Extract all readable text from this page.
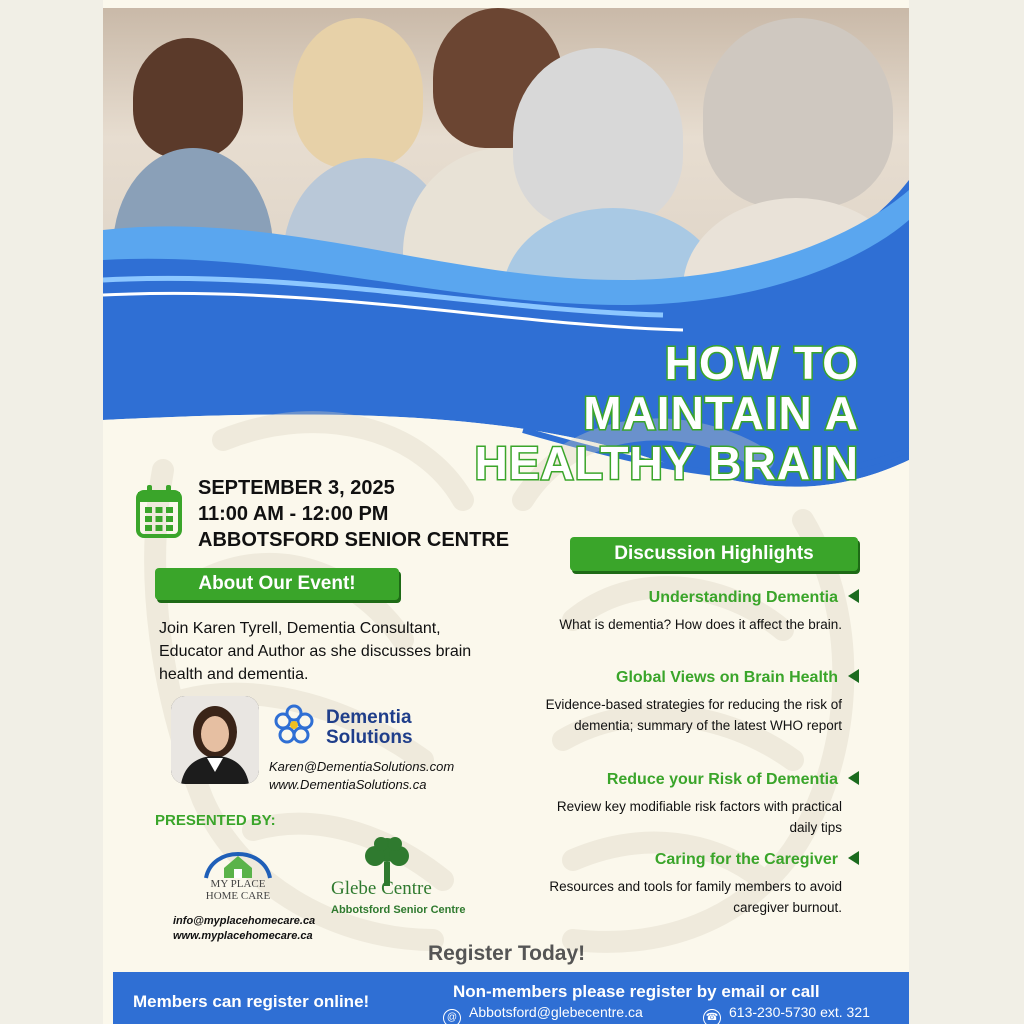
HOW TO
MAINTAIN A
HEALTHY BRAIN
SEPTEMBER 3, 2025
11:00 AM - 12:00 PM
ABBOTSFORD SENIOR CENTRE
About Our Event!
Join Karen Tyrell, Dementia Consultant, Educator and Author as she discusses brain health and dementia.
Dementia
Solutions
Karen@DementiaSolutions.com
www.DementiaSolutions.ca
PRESENTED BY:
MY PLACE
HOME CARE
info@myplacehomecare.ca
www.myplacehomecare.ca
Glebe Centre
Abbotsford Senior Centre
Discussion Highlights
Understanding Dementia

What is dementia? How does it affect the brain.

Global Views on Brain Health

Evidence-based strategies for reducing the risk of dementia; summary of the latest WHO report

Reduce your Risk of Dementia

Review key modifiable risk factors with practical daily tips

Caring for the Caregiver

Resources and tools for family members to avoid caregiver burnout.

Register Today!
Members can register online!
Non-members please register by email or call
@ Abbotsford@glebecentre.ca	☎ 613-230-5730 ext. 321
